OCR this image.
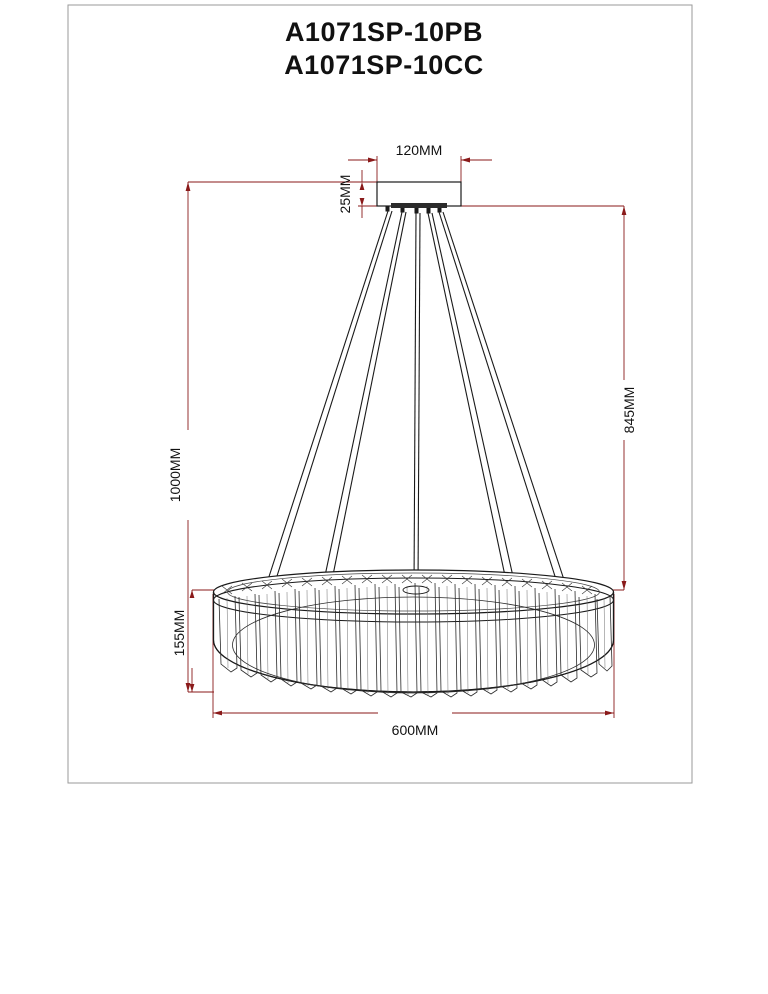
A1071SP-10PB
A1071SP-10CC
120MM
25MM
1000MM
845MM
155MM
600MM
